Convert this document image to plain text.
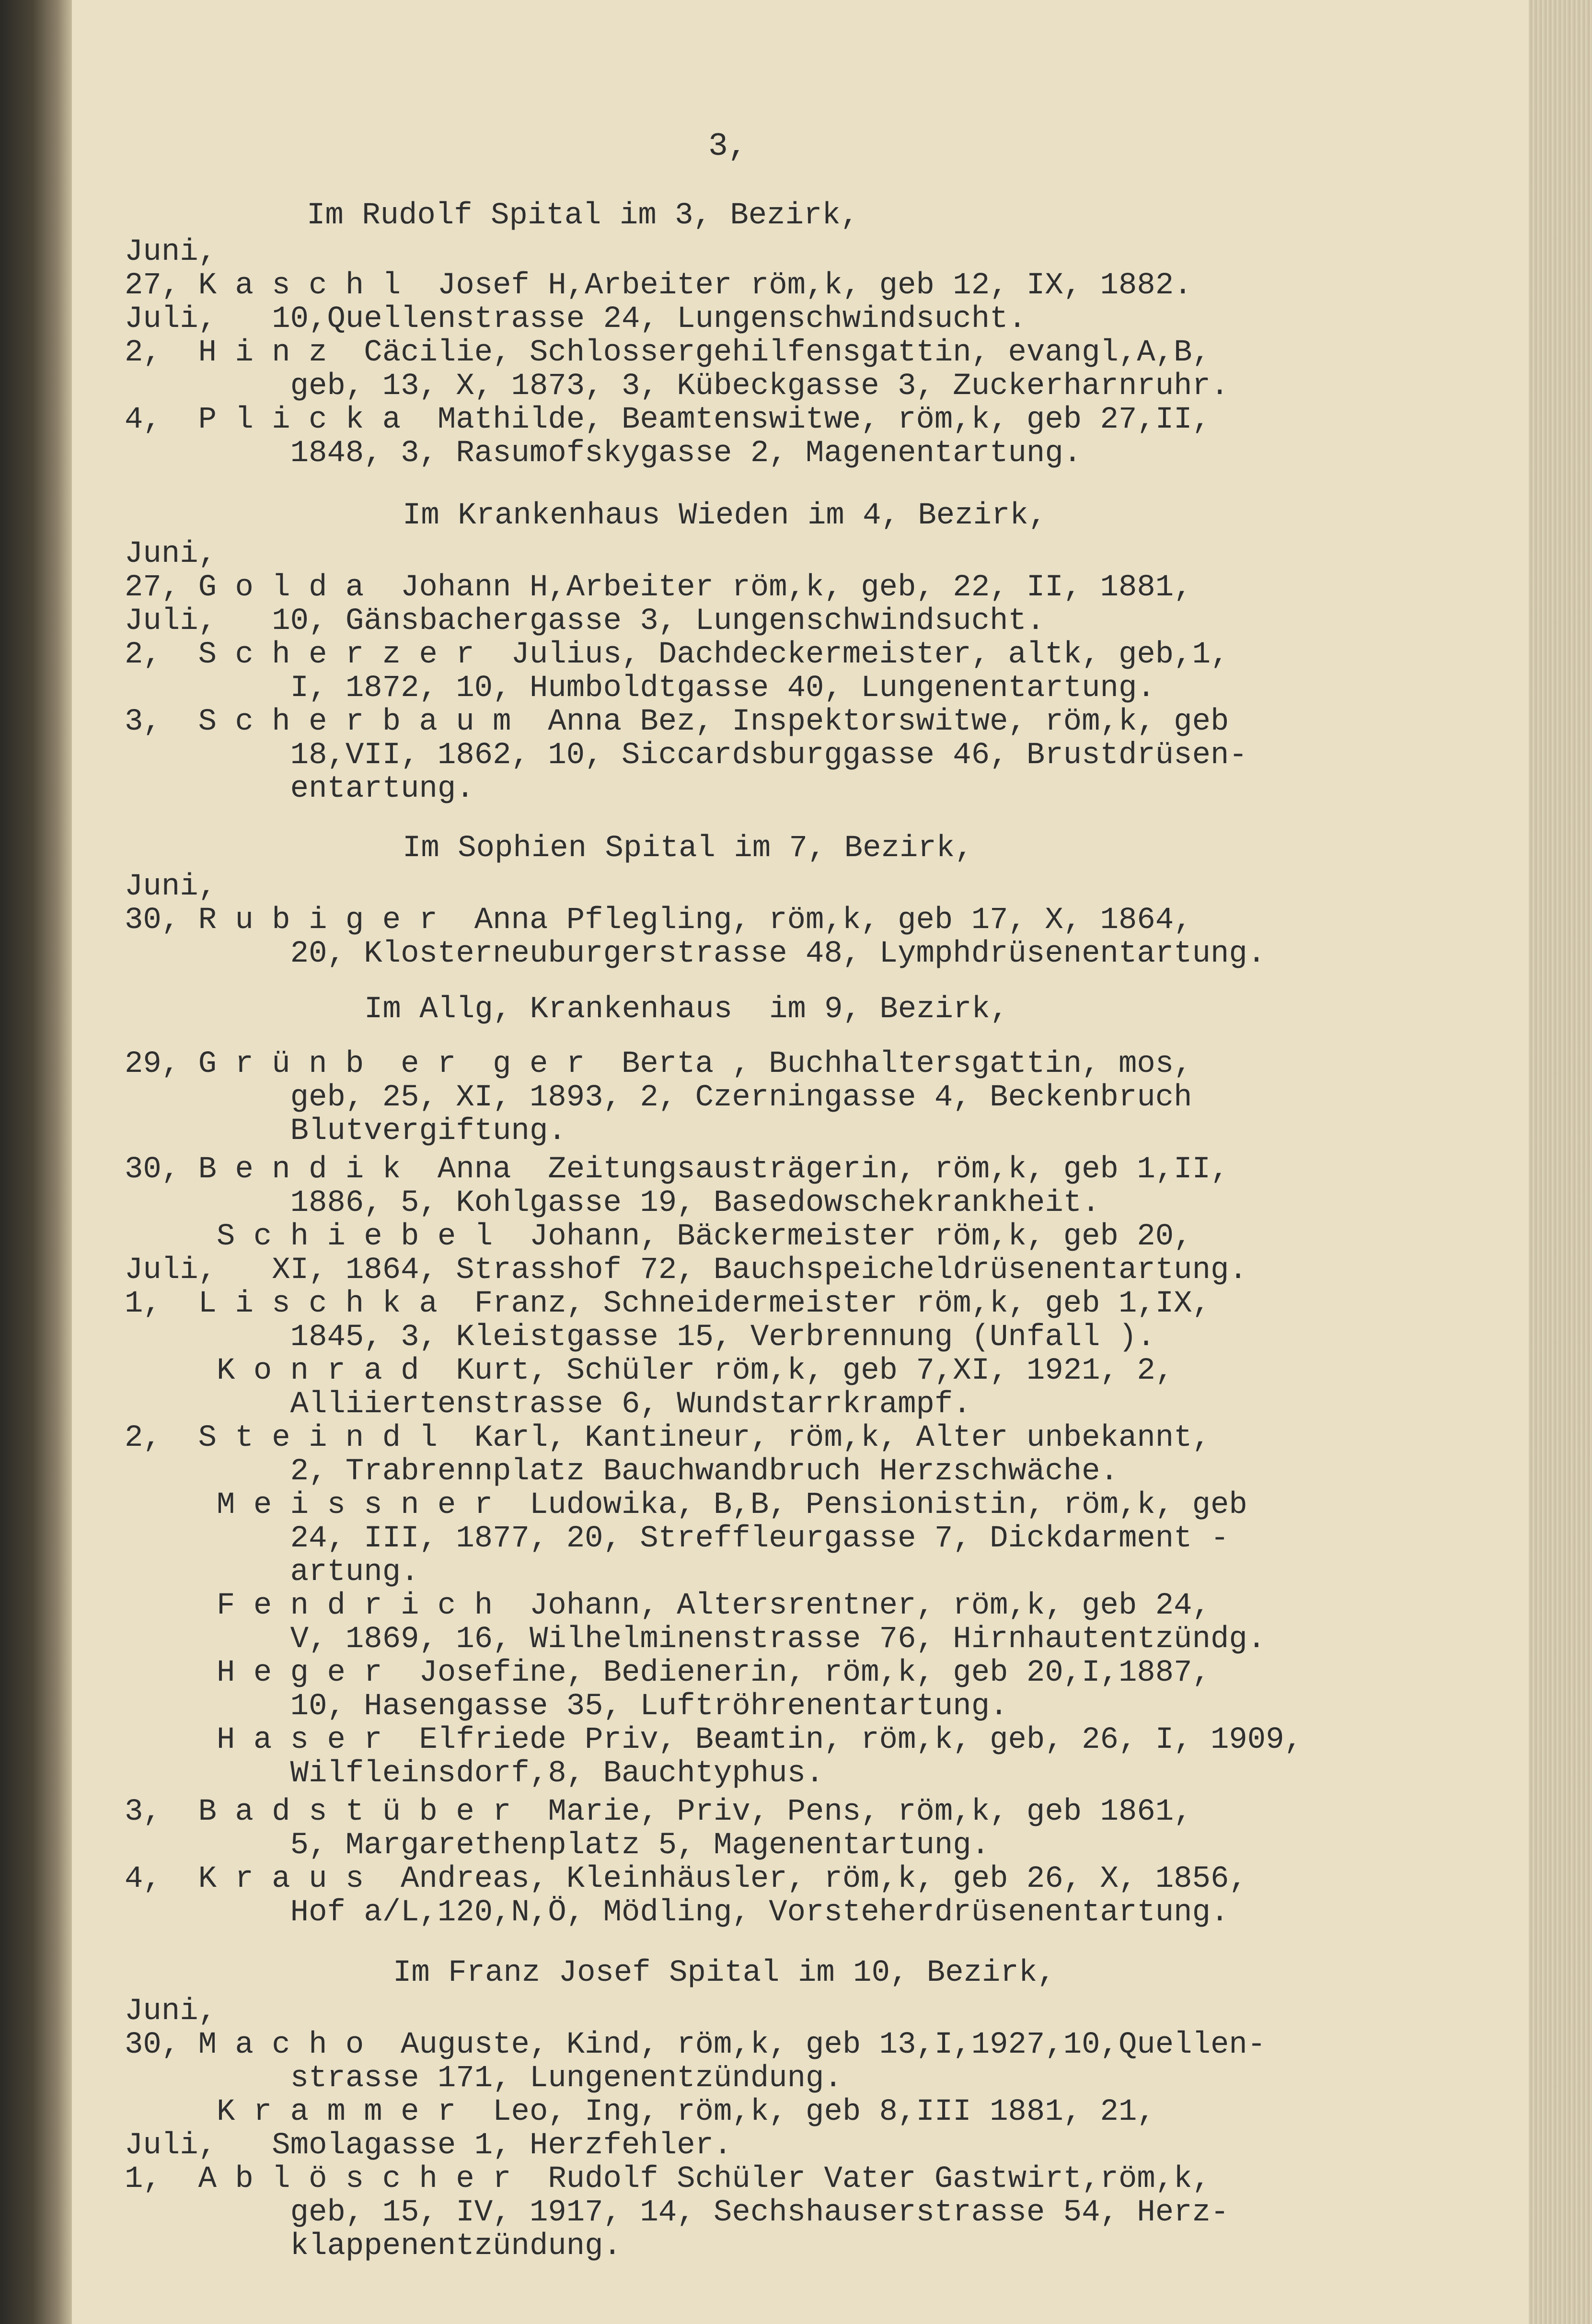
3,
Im Rudolf Spital im 3, Bezirk,
Juni,
27, K a s c h l  Josef H,Arbeiter röm,k, geb 12, IX, 1882.
Juli,   10,Quellenstrasse 24, Lungenschwindsucht.
2,  H i n z  Cäcilie, Schlossergehilfensgattin, evangl,A,B,
geb, 13, X, 1873, 3, Kübeckgasse 3, Zuckerharnruhr.
4,  P l i c k a  Mathilde, Beamtenswitwe, röm,k, geb 27,II,
1848, 3, Rasumofskygasse 2, Magenentartung.
Im Krankenhaus Wieden im 4, Bezirk,
Juni,
27, G o l d a  Johann H,Arbeiter röm,k, geb, 22, II, 1881,
Juli,   10, Gänsbachergasse 3, Lungenschwindsucht.
2,  S c h e r z e r  Julius, Dachdeckermeister, altk, geb,1,
I, 1872, 10, Humboldtgasse 40, Lungenentartung.
3,  S c h e r b a u m  Anna Bez, Inspektorswitwe, röm,k, geb
18,VII, 1862, 10, Siccardsburggasse 46, Brustdrüsen-
entartung.
Im Sophien Spital im 7, Bezirk,
Juni,
30, R u b i g e r  Anna Pflegling, röm,k, geb 17, X, 1864,
20, Klosterneuburgerstrasse 48, Lymphdrüsenentartung.
Im Allg, Krankenhaus  im 9, Bezirk,
29, G r ü n b  e r  g e r  Berta , Buchhaltersgattin, mos,
geb, 25, XI, 1893, 2, Czerningasse 4, Beckenbruch
Blutvergiftung.
30, B e n d i k  Anna  Zeitungsausträgerin, röm,k, geb 1,II,
1886, 5, Kohlgasse 19, Basedowschekrankheit.
S c h i e b e l  Johann, Bäckermeister röm,k, geb 20,
Juli,   XI, 1864, Strasshof 72, Bauchspeicheldrüsenentartung.
1,  L i s c h k a  Franz, Schneidermeister röm,k, geb 1,IX,
1845, 3, Kleistgasse 15, Verbrennung (Unfall ).
K o n r a d  Kurt, Schüler röm,k, geb 7,XI, 1921, 2,
Alliiertenstrasse 6, Wundstarrkrampf.
2,  S t e i n d l  Karl, Kantineur, röm,k, Alter unbekannt,
2, Trabrennplatz Bauchwandbruch Herzschwäche.
M e i s s n e r  Ludowika, B,B, Pensionistin, röm,k, geb
24, III, 1877, 20, Streffleurgasse 7, Dickdarment -
artung.
F e n d r i c h  Johann, Altersrentner, röm,k, geb 24,
V, 1869, 16, Wilhelminenstrasse 76, Hirnhautentzündg.
H e g e r  Josefine, Bedienerin, röm,k, geb 20,I,1887,
10, Hasengasse 35, Luftröhrenentartung.
H a s e r  Elfriede Priv, Beamtin, röm,k, geb, 26, I, 1909,
Wilfleinsdorf,8, Bauchtyphus.
3,  B a d s t ü b e r  Marie, Priv, Pens, röm,k, geb 1861,
5, Margarethenplatz 5, Magenentartung.
4,  K r a u s  Andreas, Kleinhäusler, röm,k, geb 26, X, 1856,
Hof a/L,120,N,Ö, Mödling, Vorsteherdrüsenentartung.
Im Franz Josef Spital im 10, Bezirk,
Juni,
30, M a c h o  Auguste, Kind, röm,k, geb 13,I,1927,10,Quellen-
strasse 171, Lungenentzündung.
K r a m m e r  Leo, Ing, röm,k, geb 8,III 1881, 21,
Juli,   Smolagasse 1, Herzfehler.
1,  A b l ö s c h e r  Rudolf Schüler Vater Gastwirt,röm,k,
geb, 15, IV, 1917, 14, Sechshauserstrasse 54, Herz-
klappenentzündung.
